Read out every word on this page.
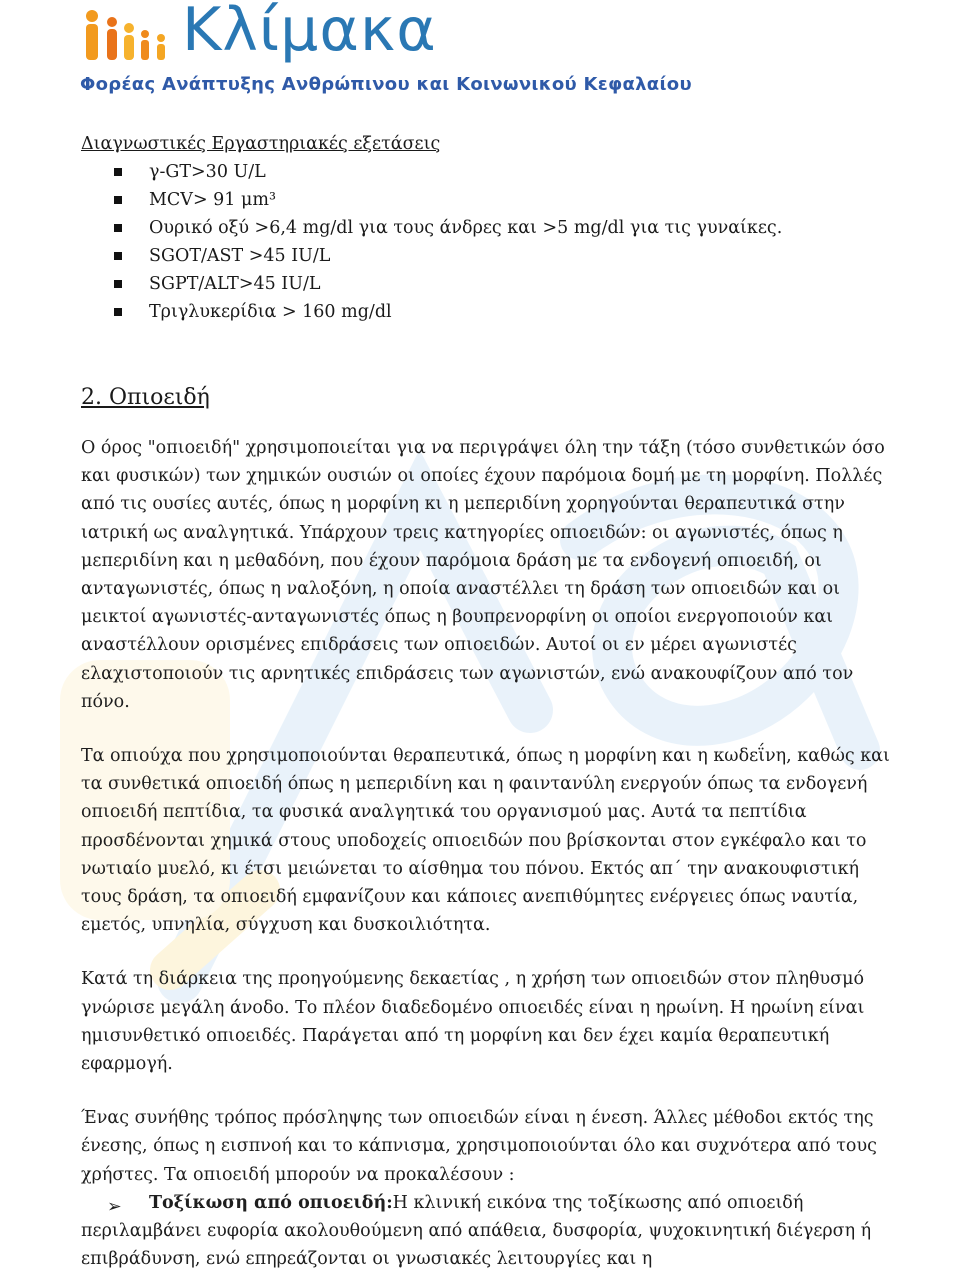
Κλίμακα
Φορέας Ανάπτυξης Ανθρώπινου και Κοινωνικού Κεφαλαίου
Διαγνωστικές Εργαστηριακές εξετάσεις
γ-GT>30 U/L
MCV> 91 μm³
Ουρικό οξύ >6,4 mg/dl για τους άνδρες και >5 mg/dl για τις γυναίκες.
SGOT/AST >45 IU/L
SGPT/ALT>45 IU/L
Τριγλυκερίδια > 160 mg/dl
2. Οπιοειδή

Ο όρος "οπιοειδή" χρησιμοποιείται για να περιγράψει όλη την τάξη (τόσο συνθετικών όσο και φυσικών) των χημικών ουσιών οι οποίες έχουν παρόμοια δομή με τη μορφίνη. Πολλές από τις ουσίες αυτές, όπως η μορφίνη κι η μεπεριδίνη χορηγούνται θεραπευτικά στην ιατρική ως αναλγητικά. Υπάρχουν τρεις κατηγορίες οπιοειδών: οι αγωνιστές, όπως η μεπεριδίνη και η μεθαδόνη, που έχουν παρόμοια δράση με τα ενδογενή οπιοειδή, οι ανταγωνιστές, όπως η ναλοξόνη, η οποία αναστέλλει τη δράση των οπιοειδών και οι μεικτοί αγωνιστές-ανταγωνιστές όπως η βουπρενορφίνη οι οποίοι ενεργοποιούν και αναστέλλουν ορισμένες επιδράσεις των οπιοειδών. Αυτοί οι εν μέρει αγωνιστές ελαχιστοποιούν τις αρνητικές επιδράσεις των αγωνιστών, ενώ ανακουφίζουν από τον πόνο.

Τα οπιούχα που χρησιμοποιούνται θεραπευτικά, όπως η μορφίνη και η κωδεΐνη, καθώς και τα συνθετικά οπιοειδή όπως η μεπεριδίνη και η φαιντανύλη ενεργούν όπως τα ενδογενή οπιοειδή πεπτίδια, τα φυσικά αναλγητικά του οργανισμού μας. Αυτά τα πεπτίδια προσδένονται χημικά στους υποδοχείς οπιοειδών που βρίσκονται στον εγκέφαλο και το νωτιαίο μυελό, κι έτσι μειώνεται το αίσθημα του πόνου. Εκτός απ΄ την ανακουφιστική τους δράση, τα οπιοειδή εμφανίζουν και κάποιες ανεπιθύμητες ενέργειες όπως ναυτία, εμετός, υπνηλία, σύγχυση και δυσκοιλιότητα.

Κατά τη διάρκεια της προηγούμενης δεκαετίας , η χρήση των οπιοειδών στον πληθυσμό γνώρισε μεγάλη άνοδο. Το πλέον διαδεδομένο οπιοειδές είναι η ηρωίνη. Η ηρωίνη είναι ημισυνθετικό οπιοειδές. Παράγεται από τη μορφίνη και δεν έχει καμία θεραπευτική εφαρμογή.

Ένας συνήθης τρόπος πρόσληψης των οπιοειδών είναι η ένεση. Άλλες μέθοδοι εκτός της ένεσης, όπως η εισπνοή και το κάπνισμα, χρησιμοποιούνται όλο και συχνότερα από τους χρήστες. Τα οπιοειδή μπορούν να προκαλέσουν :

➢ Τοξίκωση από οπιοειδή:Η κλινική εικόνα της τοξίκωσης από οπιοειδή περιλαμβάνει ευφορία ακολουθούμενη από απάθεια, δυσφορία, ψυχοκινητική διέγερση ή επιβράδυνση, ενώ επηρεάζονται οι γνωσιακές λειτουργίες και η
